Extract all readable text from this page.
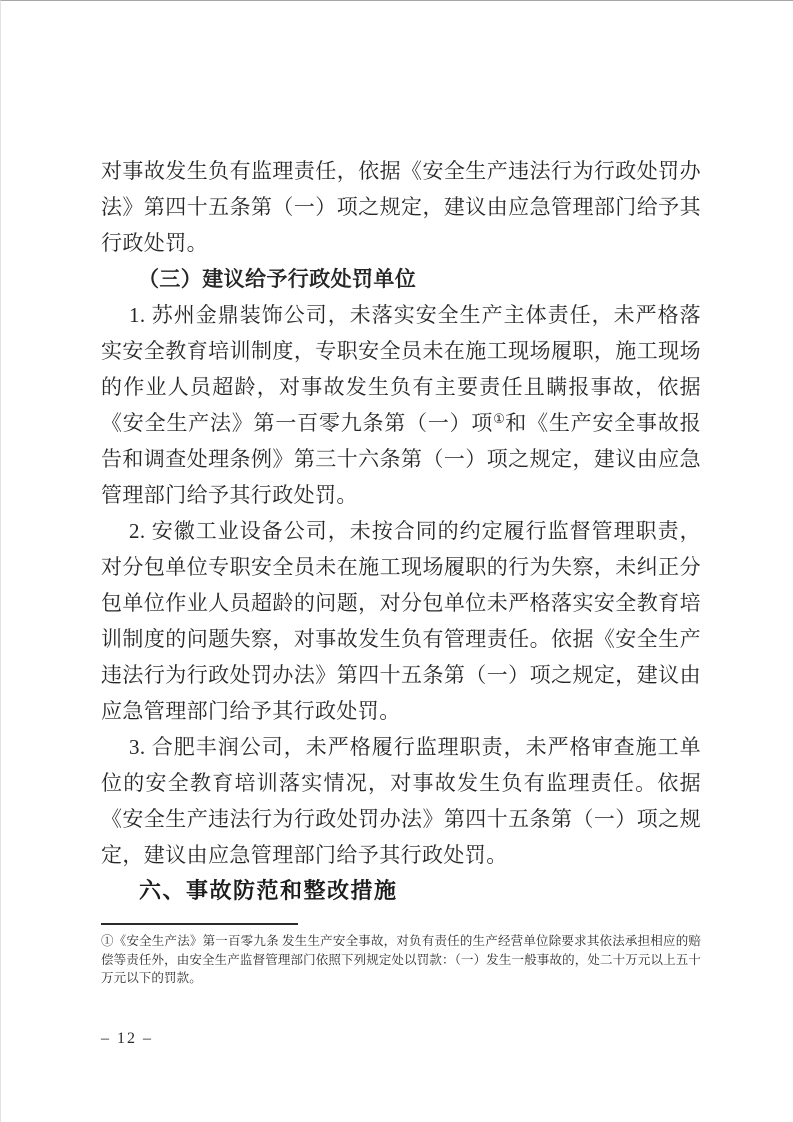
对事故发生负有监理责任，依据《安全生产违法行为行政处罚办法》第四十五条第（一）项之规定，建议由应急管理部门给予其行政处罚。

（三）建议给予行政处罚单位

1. 苏州金鼎装饰公司，未落实安全生产主体责任，未严格落实安全教育培训制度，专职安全员未在施工现场履职，施工现场的作业人员超龄，对事故发生负有主要责任且瞒报事故，依据《安全生产法》第一百零九条第（一）项①和《生产安全事故报告和调查处理条例》第三十六条第（一）项之规定，建议由应急管理部门给予其行政处罚。

2. 安徽工业设备公司，未按合同的约定履行监督管理职责，对分包单位专职安全员未在施工现场履职的行为失察，未纠正分包单位作业人员超龄的问题，对分包单位未严格落实安全教育培训制度的问题失察，对事故发生负有管理责任。依据《安全生产违法行为行政处罚办法》第四十五条第（一）项之规定，建议由应急管理部门给予其行政处罚。

3. 合肥丰润公司，未严格履行监理职责，未严格审查施工单位的安全教育培训落实情况，对事故发生负有监理责任。依据《安全生产违法行为行政处罚办法》第四十五条第（一）项之规定，建议由应急管理部门给予其行政处罚。

六、事故防范和整改措施

①《安全生产法》第一百零九条 发生生产安全事故，对负有责任的生产经营单位除要求其依法承担相应的赔偿等责任外，由安全生产监督管理部门依照下列规定处以罚款：（一）发生一般事故的，处二十万元以上五十万元以下的罚款。

– 12 –
